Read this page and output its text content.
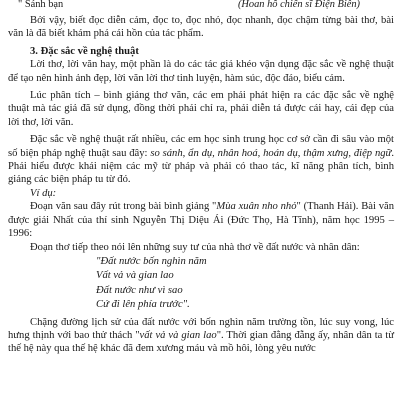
" Sánh bạn	(Hoan hỗ chiến sĩ Điện Biên)

Bởi vậy, biết đọc diễn cảm, đọc to, đọc nhỏ, đọc nhanh, đọc chậm từng bài thơ, bài văn là đã biết khám phá cái hồn của tác phẩm.

3. Đặc sắc về nghệ thuật

Lời thơ, lời văn hay, một phần là do các tác giả khéo vận dụng đặc sắc về nghệ thuật để tạo nên hình ảnh đẹp, lời văn lời thơ tinh luyện, hàm súc, độc đáo, biểu cảm.

Lúc phân tích – bình giảng thơ văn, các em phải phát hiện ra các đặc sắc về nghệ thuật mà tác giả đã sử dụng, đồng thời phải chỉ ra, phải diễn tả được cái hay, cái đẹp của lời thơ, lời văn.

Đặc sắc về nghệ thuật rất nhiều, các em học sinh trung học cơ sở cần đi sâu vào một số biện pháp nghệ thuật sau đây: so sánh, ẩn dụ, nhân hoá, hoán dụ, thậm xưng, điệp ngữ. Phải hiểu được khái niệm các mỹ từ pháp và phải có thao tác, kĩ năng phân tích, bình giảng các biện pháp tu từ đó.

Ví dụ:

Đoạn văn sau đây rút trong bài bình giảng "Mùa xuân nho nhỏ" (Thanh Hải). Bài văn được giải Nhất của thí sinh Nguyễn Thị Diệu Ái (Đức Thọ, Hà Tĩnh), năm học 1995 – 1996:

Đoạn thơ tiếp theo nói lên những suy tư của nhà thơ về đất nước và nhân dân:

"Đất nước bốn nghìn năm
Vất vả và gian lao
Đất nước như vì sao
Cứ đi lên phía trước".

Chặng đường lịch sử của đất nước với bốn nghìn năm trường tồn, lúc suy vong, lúc hưng thịnh với bao thử thách "vất vả và gian lao". Thời gian đằng đẵng ấy, nhân dân ta từ thế hệ này qua thế hệ khác đã đem xương máu và mồ hôi, lòng yêu nước
